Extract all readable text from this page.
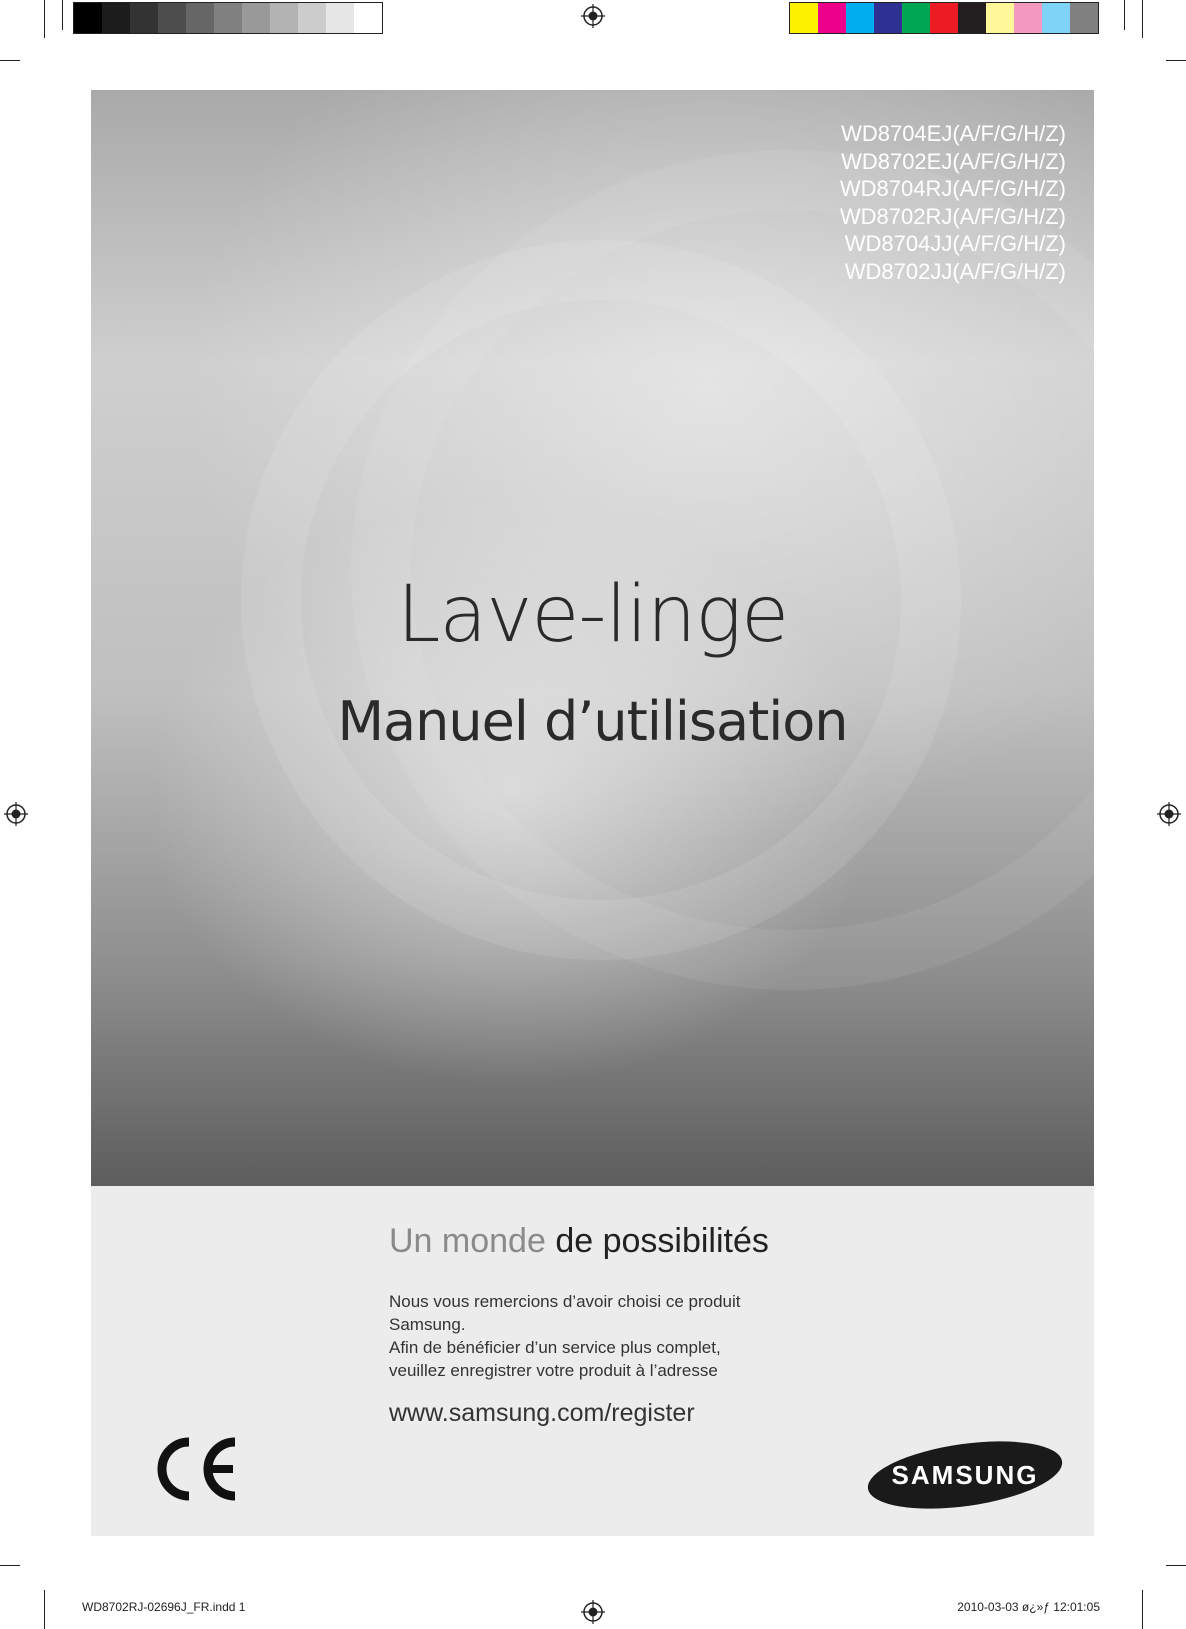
WD8704EJ(A/F/G/H/Z)
WD8702EJ(A/F/G/H/Z)
WD8704RJ(A/F/G/H/Z)
WD8702RJ(A/F/G/H/Z)
WD8704JJ(A/F/G/H/Z)
WD8702JJ(A/F/G/H/Z)
Lave-linge
Manuel d’utilisation
Un monde de possibilités
Nous vous remercions d’avoir choisi ce produit
Samsung.
Afin de bénéficier d’un service plus complet,
veuillez enregistrer votre produit à l’adresse
www.samsung.com/register
SAMSUNG
WD8702RJ-02696J_FR.indd 1	2010-03-03 ø¿»ƒ 12:01:05
